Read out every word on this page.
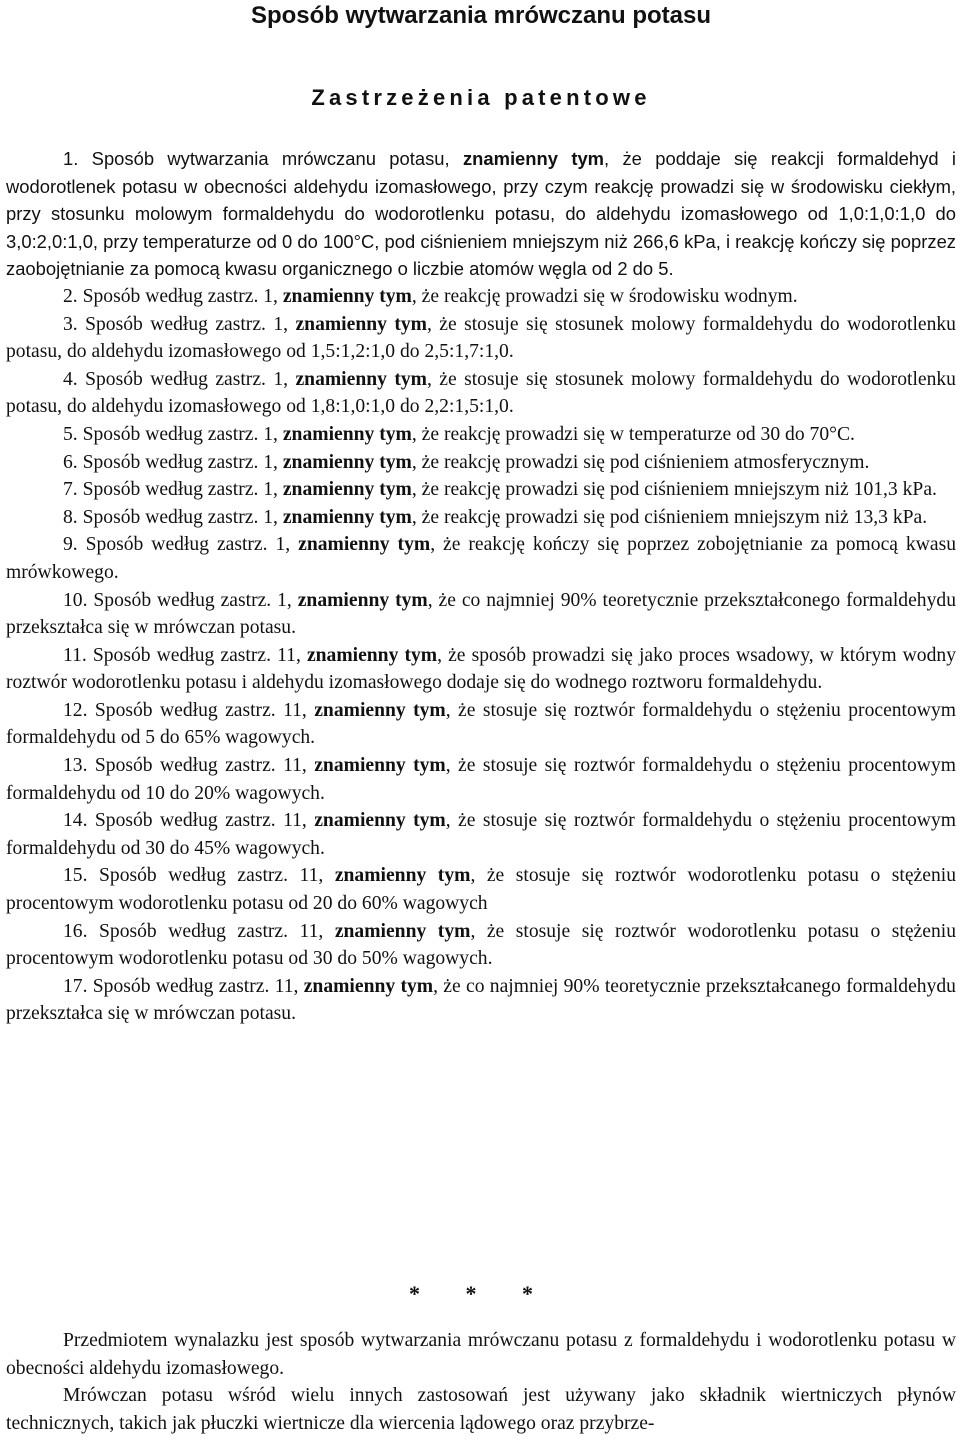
Sposób wytwarzania mrówczanu potasu
Zastrzeżenia patentowe

1. Sposób wytwarzania mrówczanu potasu, znamienny tym, że poddaje się reakcji formaldehyd i wodorotlenek potasu w obecności aldehydu izomasłowego, przy czym reakcję prowadzi się w środowisku ciekłym, przy stosunku molowym formaldehydu do wodorotlenku potasu, do aldehydu izomasłowego od 1,0:1,0:1,0 do 3,0:2,0:1,0, przy temperaturze od 0 do 100°C, pod ciśnieniem mniejszym niż 266,6 kPa, i reakcję kończy się poprzez zaobojętnianie za pomocą kwasu organicznego o liczbie atomów węgla od 2 do 5.

2. Sposób według zastrz. 1, znamienny tym, że reakcję prowadzi się w środowisku wodnym.

3. Sposób według zastrz. 1, znamienny tym, że stosuje się stosunek molowy formaldehydu do wodorotlenku potasu, do aldehydu izomasłowego od 1,5:1,2:1,0 do 2,5:1,7:1,0.

4. Sposób według zastrz. 1, znamienny tym, że stosuje się stosunek molowy formaldehydu do wodorotlenku potasu, do aldehydu izomasłowego od 1,8:1,0:1,0 do 2,2:1,5:1,0.

5. Sposób według zastrz. 1, znamienny tym, że reakcję prowadzi się w temperaturze od 30 do 70°C.

6. Sposób według zastrz. 1, znamienny tym, że reakcję prowadzi się pod ciśnieniem atmosferycznym.

7. Sposób według zastrz. 1, znamienny tym, że reakcję prowadzi się pod ciśnieniem mniejszym niż 101,3 kPa.

8. Sposób według zastrz. 1, znamienny tym, że reakcję prowadzi się pod ciśnieniem mniejszym niż 13,3 kPa.

9. Sposób według zastrz. 1, znamienny tym, że reakcję kończy się poprzez zobojętnianie za pomocą kwasu mrówkowego.

10. Sposób według zastrz. 1, znamienny tym, że co najmniej 90% teoretycznie przekształconego formaldehydu przekształca się w mrówczan potasu.

11. Sposób według zastrz. 11, znamienny tym, że sposób prowadzi się jako proces wsadowy, w którym wodny roztwór wodorotlenku potasu i aldehydu izomasłowego dodaje się do wodnego roztworu formaldehydu.

12. Sposób według zastrz. 11, znamienny tym, że stosuje się roztwór formaldehydu o stężeniu procentowym formaldehydu od 5 do 65% wagowych.

13. Sposób według zastrz. 11, znamienny tym, że stosuje się roztwór formaldehydu o stężeniu procentowym formaldehydu od 10 do 20% wagowych.

14. Sposób według zastrz. 11, znamienny tym, że stosuje się roztwór formaldehydu o stężeniu procentowym formaldehydu od 30 do 45% wagowych.

15. Sposób według zastrz. 11, znamienny tym, że stosuje się roztwór wodorotlenku potasu o stężeniu procentowym wodorotlenku potasu od 20 do 60% wagowych

16. Sposób według zastrz. 11, znamienny tym, że stosuje się roztwór wodorotlenku potasu o stężeniu procentowym wodorotlenku potasu od 30 do 50% wagowych.

17. Sposób według zastrz. 11, znamienny tym, że co najmniej 90% teoretycznie przekształcanego formaldehydu przekształca się w mrówczan potasu.

* * *

Przedmiotem wynalazku jest sposób wytwarzania mrówczanu potasu z formaldehydu i wodorotlenku potasu w obecności aldehydu izomasłowego.

Mrówczan potasu wśród wielu innych zastosowań jest używany jako składnik wiertniczych płynów technicznych, takich jak płuczki wiertnicze dla wiercenia lądowego oraz przybrze-
